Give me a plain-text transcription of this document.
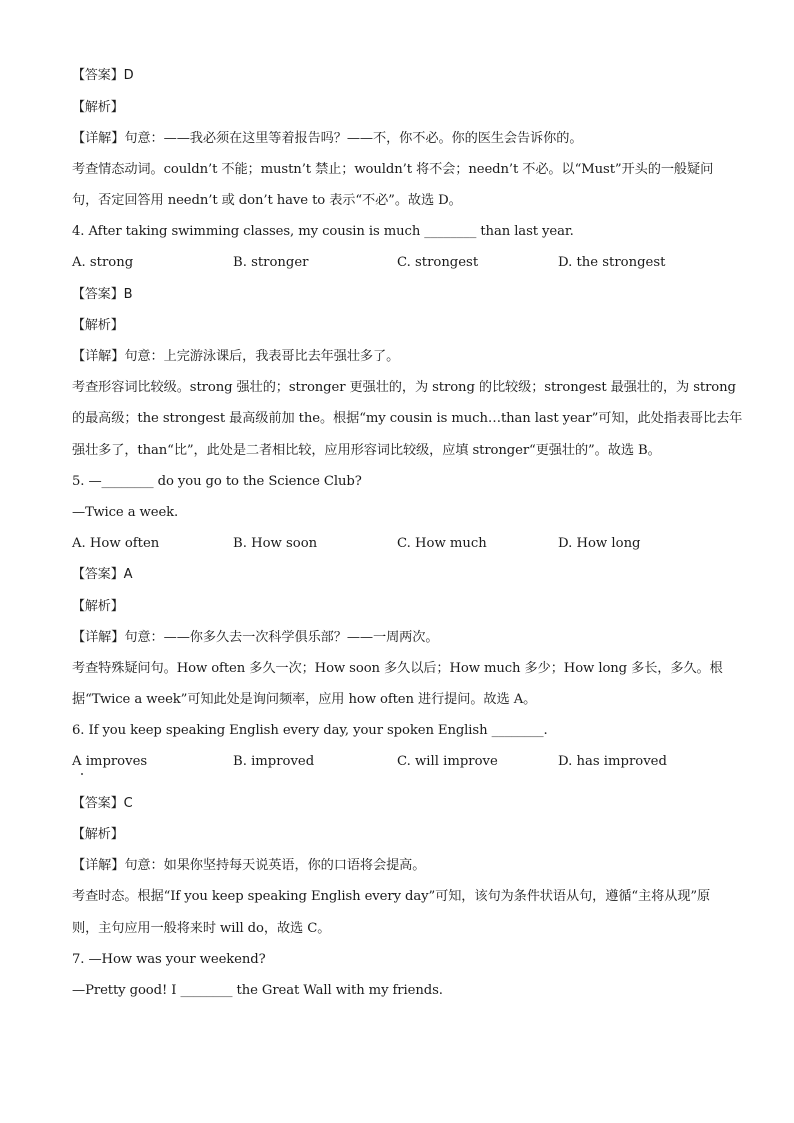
【答案】D
【解析】
【详解】句意：——我必须在这里等着报告吗？——不，你不必。你的医生会告诉你的。
考查情态动词。couldn’t 不能；mustn’t 禁止；wouldn’t 将不会；needn’t 不必。以“Must”开头的一般疑问
句，否定回答用 needn’t 或 don’t have to 表示“不必”。故选 D。
4. After taking swimming classes, my cousin is much ________ than last year.
A. strong	B. stronger	C. strongest	D. the strongest
【答案】B
【解析】
【详解】句意：上完游泳课后，我表哥比去年强壮多了。
考查形容词比较级。strong 强壮的；stronger 更强壮的，为 strong 的比较级；strongest 最强壮的，为 strong
的最高级；the strongest 最高级前加 the。根据“my cousin is much…than last year”可知，此处指表哥比去年
强壮多了，than“比”，此处是二者相比较，应用形容词比较级，应填 stronger“更强壮的”。故选 B。
5. —________ do you go to the Science Club?
—Twice a week.
A. How often	B. How soon	C. How much	D. How long
【答案】A
【解析】
【详解】句意：——你多久去一次科学俱乐部？——一周两次。
考查特殊疑问句。How often 多久一次；How soon 多久以后；How much 多少；How long 多长，多久。根
据“Twice a week”可知此处是询问频率，应用 how often 进行提问。故选 A。
6. If you keep speaking English every day, your spoken English ________.
A improves	B. improved	C. will improve	D. has improved
【答案】C
【解析】
【详解】句意：如果你坚持每天说英语，你的口语将会提高。
考查时态。根据“If you keep speaking English every day”可知，该句为条件状语从句，遵循“主将从现”原
则，主句应用一般将来时 will do，故选 C。
7. —How was your weekend?
—Pretty good! I ________ the Great Wall with my friends.
